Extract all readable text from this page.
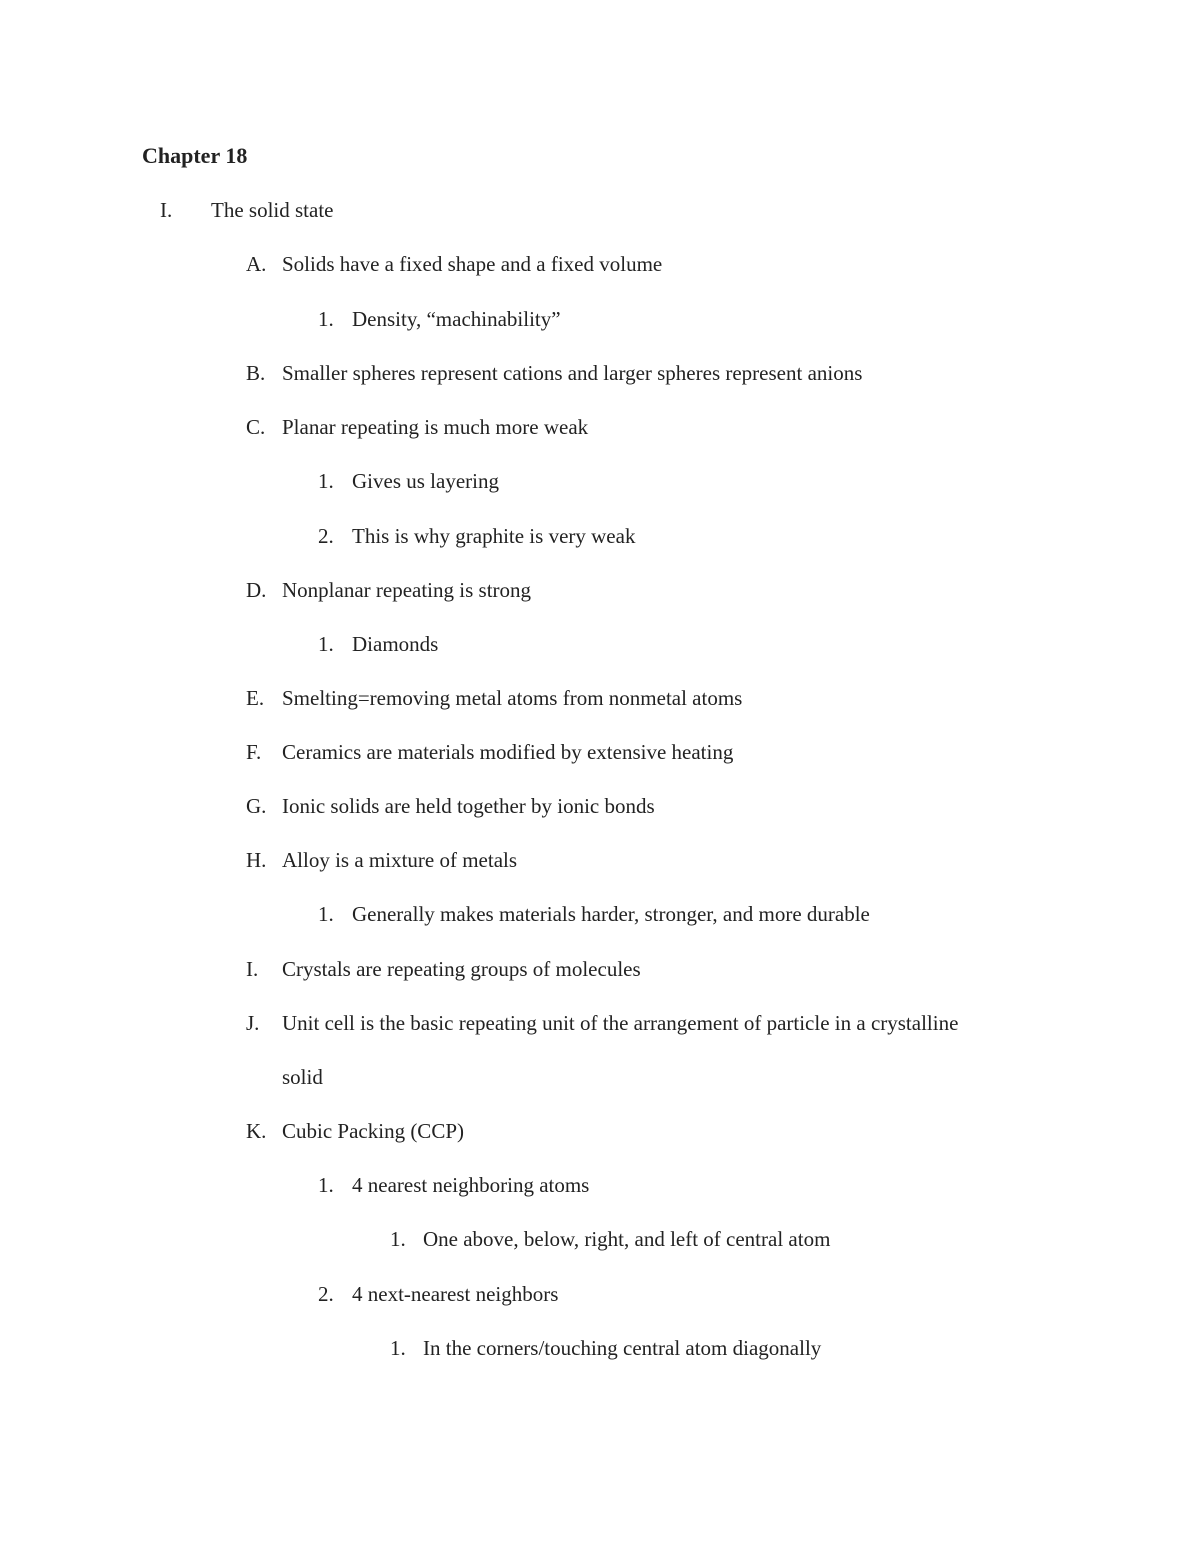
Chapter 18
I. The solid state
A. Solids have a fixed shape and a fixed volume
1. Density, “machinability”
B. Smaller spheres represent cations and larger spheres represent anions
C. Planar repeating is much more weak
1. Gives us layering
2. This is why graphite is very weak
D. Nonplanar repeating is strong
1. Diamonds
E. Smelting=removing metal atoms from nonmetal atoms
F. Ceramics are materials modified by extensive heating
G. Ionic solids are held together by ionic bonds
H. Alloy is a mixture of metals
1. Generally makes materials harder, stronger, and more durable
I. Crystals are repeating groups of molecules
J. Unit cell is the basic repeating unit of the arrangement of particle in a crystalline
solid
K. Cubic Packing (CCP)
1. 4 nearest neighboring atoms
1. One above, below, right, and left of central atom
2. 4 next-nearest neighbors
1. In the corners/touching central atom diagonally
